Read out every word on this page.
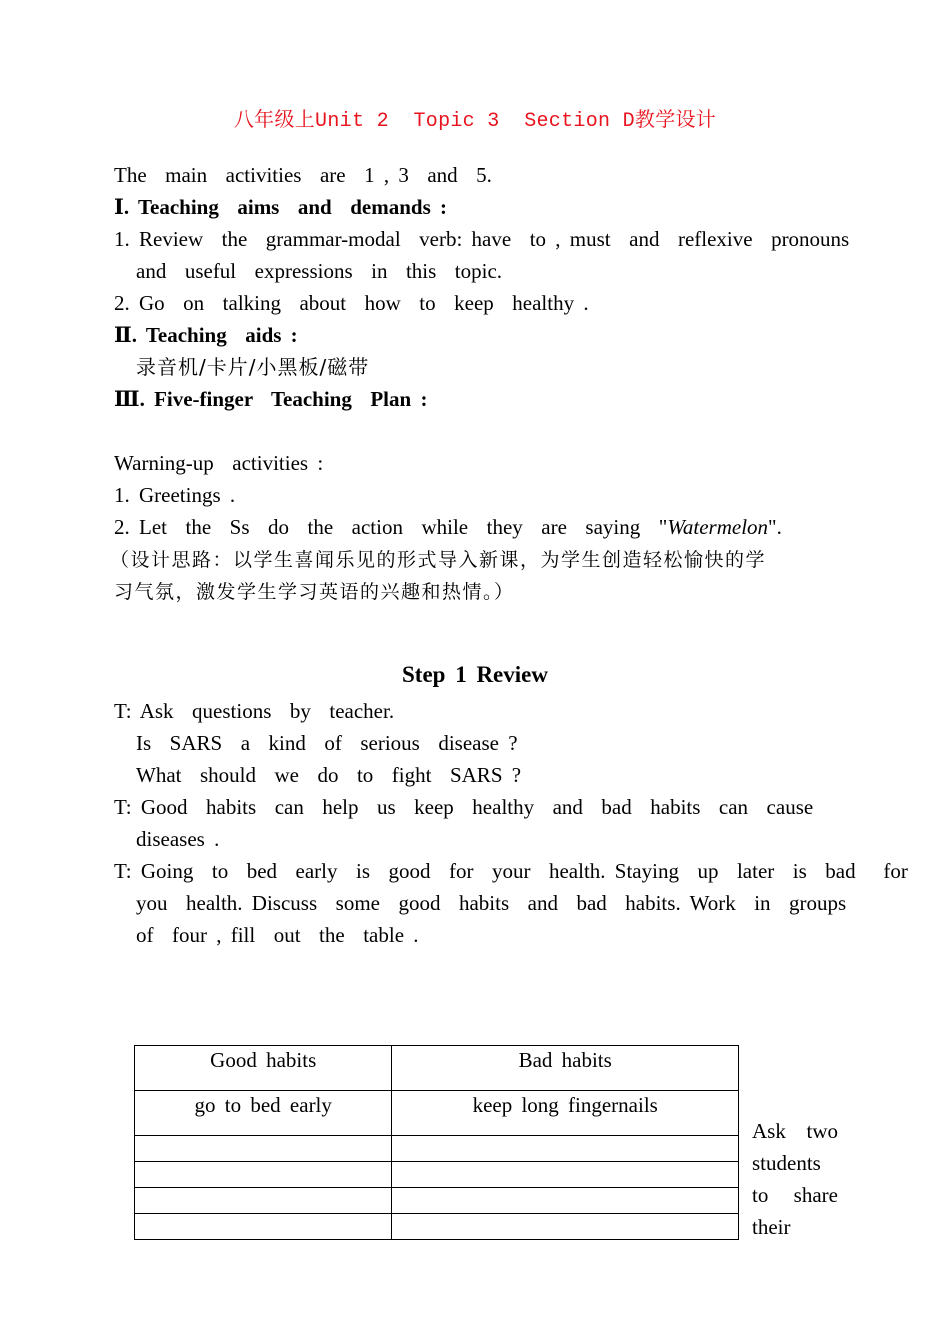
八年级上Unit 2  Topic 3  Section D教学设计
The  main  activities  are  1 , 3  and  5.
Ⅰ. Teaching  aims  and  demands :
1. Review  the  grammar-modal  verb: have  to , must  and  reflexive  pronouns
and  useful  expressions  in  this  topic.
2. Go  on  talking  about  how  to  keep  healthy .
Ⅱ. Teaching  aids :
录音机/卡片/小黑板/磁带
Ⅲ. Five-finger  Teaching  Plan :
Warning-up  activities :
1. Greetings .
2. Let  the  Ss  do  the  action  while  they  are  saying  "Watermelon".
（设计思路：以学生喜闻乐见的形式导入新课，为学生创造轻松愉快的学
习气氛，激发学生学习英语的兴趣和热情。）
Step 1 Review
T: Ask  questions  by  teacher.
Is  SARS  a  kind  of  serious  disease ?
What  should  we  do  to  fight  SARS ?
T: Good  habits  can  help  us  keep  healthy  and  bad  habits  can  cause
diseases .
T: Going  to  bed  early  is  good  for  your  health. Staying  up  later  is  bad   for
you  health. Discuss  some  good  habits  and  bad  habits. Work  in  groups
of  four , fill  out  the  table .
Good habits	Bad habits
go to bed early	keep long fingernails

Ask two
students
to share
their
